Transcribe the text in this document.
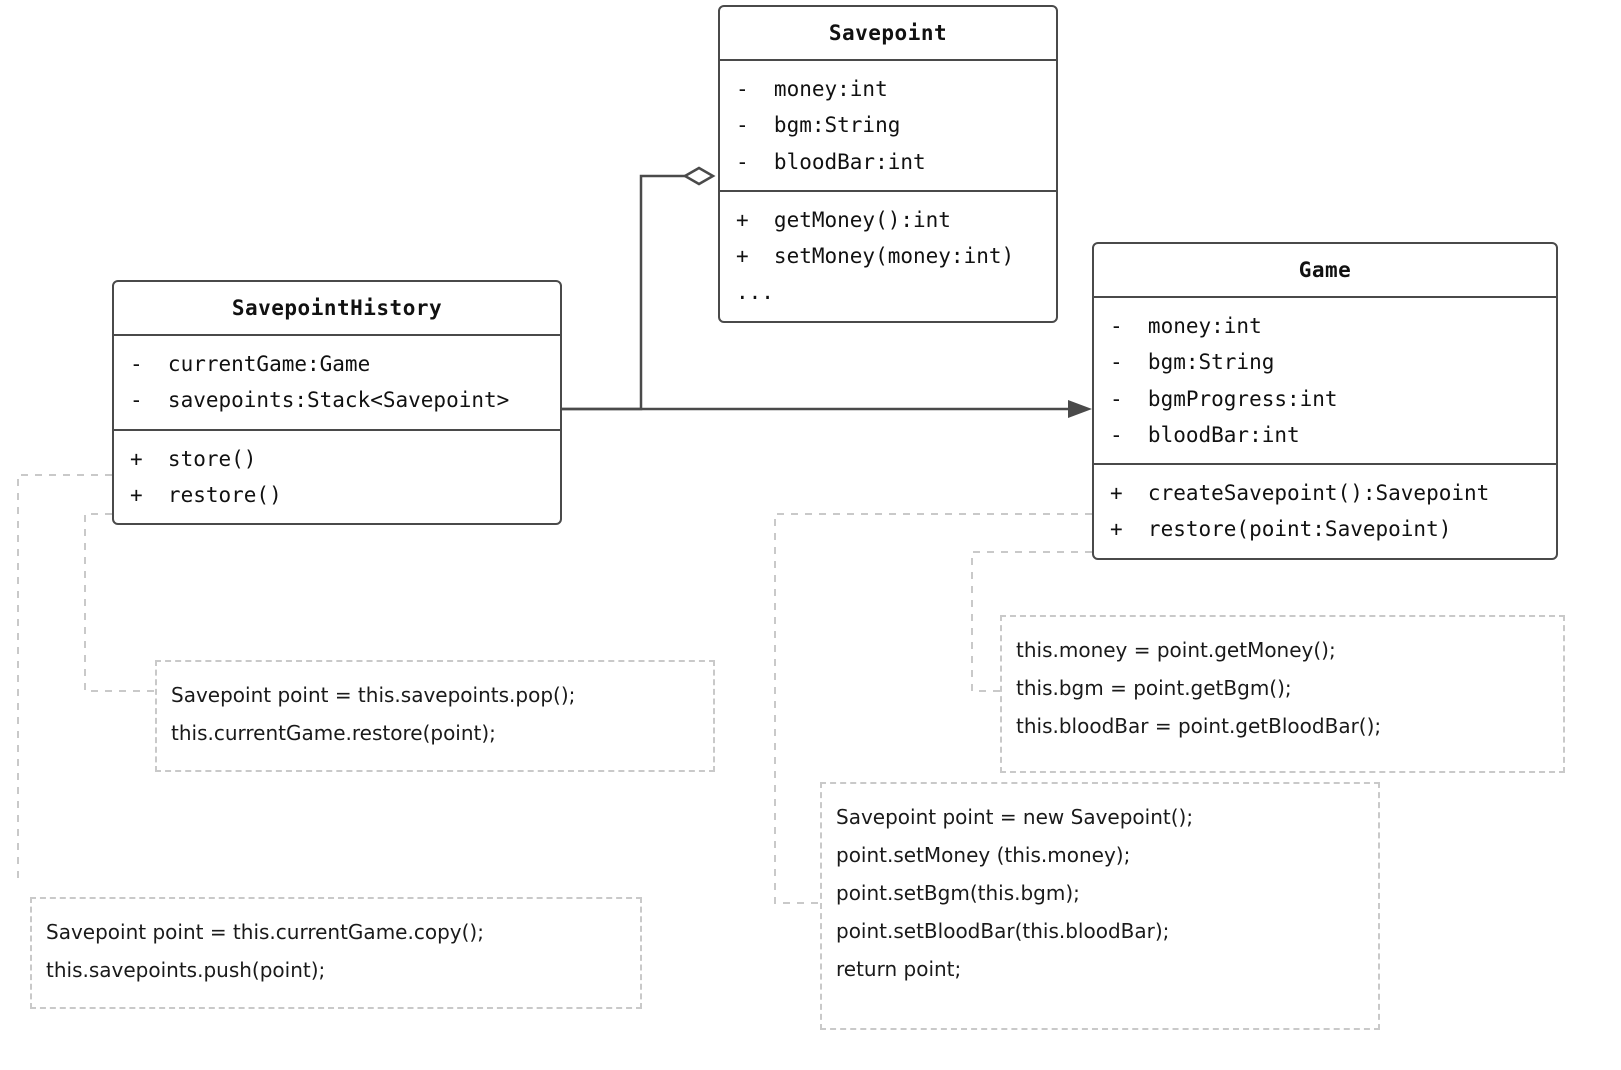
Savepoint
-  money:int
-  bgm:String
-  bloodBar:int
+  getMoney():int
+  setMoney(money:int)
...
SavepointHistory
-  currentGame:Game
-  savepoints:Stack<Savepoint>
+  store()
+  restore()
Game
-  money:int
-  bgm:String
-  bgmProgress:int
-  bloodBar:int
+  createSavepoint():Savepoint
+  restore(point:Savepoint)
Savepoint point = this.savepoints.pop();
this.currentGame.restore(point);
Savepoint point = this.currentGame.copy();
this.savepoints.push(point);
this.money = point.getMoney();
this.bgm = point.getBgm();
this.bloodBar = point.getBloodBar();
Savepoint point = new Savepoint();
point.setMoney (this.money);
point.setBgm(this.bgm);
point.setBloodBar(this.bloodBar);
return point;
